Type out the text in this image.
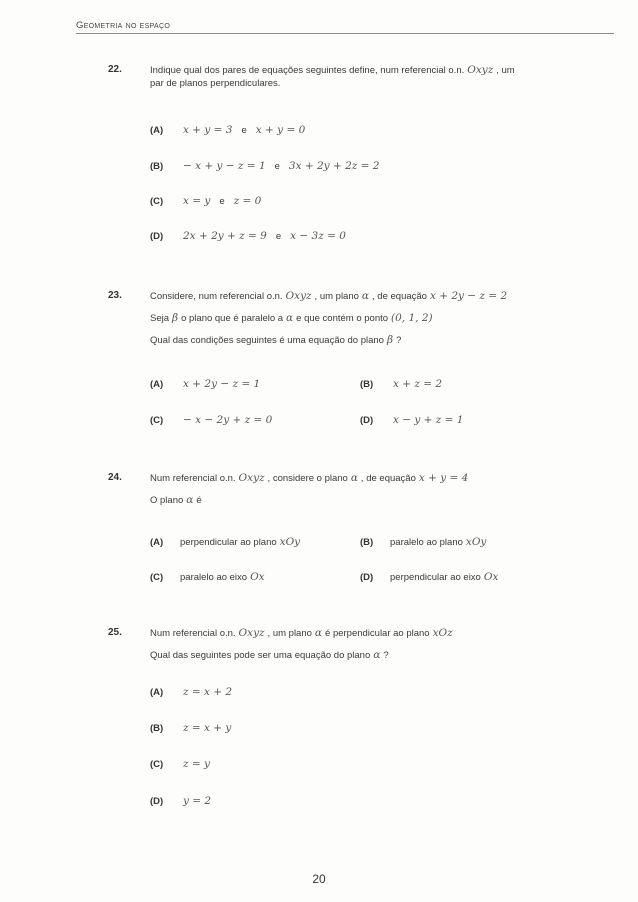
Geometria no espaço
22.	Indique qual dos pares de equações seguintes define, num referencial o.n. Oxyz , um
par de planos perpendiculares.

(A)	x + y = 3 e x + y = 0
(B)	− x + y − z = 1 e 3x + 2y + 2z = 2
(C)	x = y e z = 0
(D)	2x + 2y + z = 9 e x − 3z = 0
23.	Considere, num referencial o.n. Oxyz , um plano α , de equação x + 2y − z = 2

Seja β o plano que é paralelo a α e que contém o ponto (0, 1, 2)

Qual das condições seguintes é uma equação do plano β ?

(A)	x + 2y − z = 1	(B)	x + z = 2
(C)	− x − 2y + z = 0	(D)	x − y + z = 1
24.	Num referencial o.n. Oxyz , considere o plano α , de equação x + y = 4

O plano α é

(A)	perpendicular ao plano xOy	(B)	paralelo ao plano xOy
(C)	paralelo ao eixo Ox	(D)	perpendicular ao eixo Ox
25.	Num referencial o.n. Oxyz , um plano α é perpendicular ao plano xOz

Qual das seguintes pode ser uma equação do plano α ?

(A)	z = x + 2
(B)	z = x + y
(C)	z = y
(D)	y = 2
20
